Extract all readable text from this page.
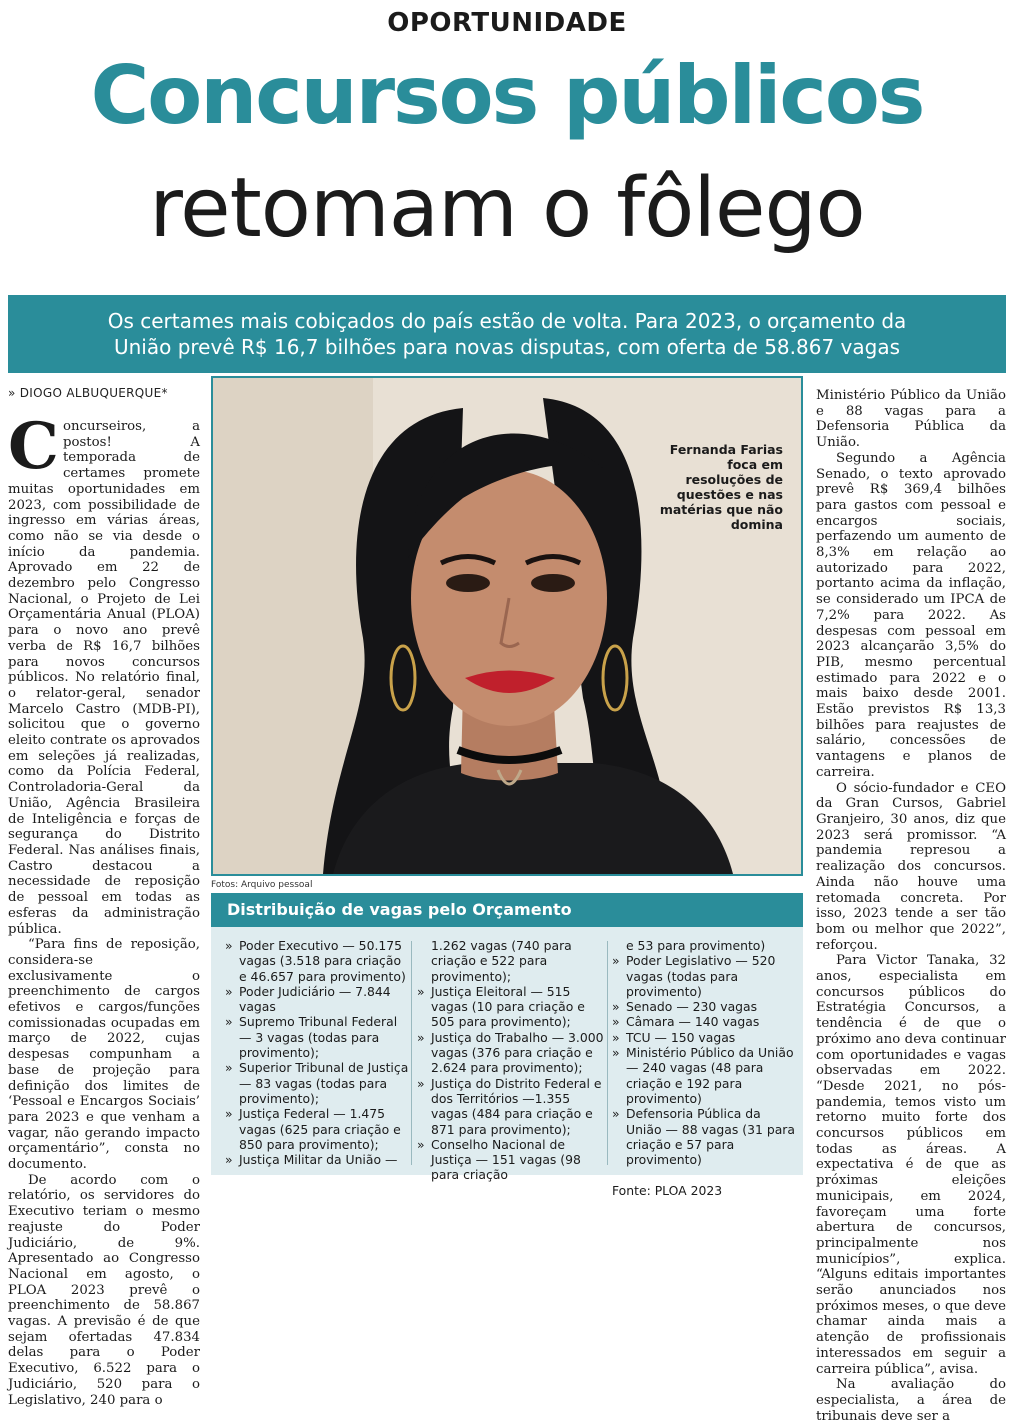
OPORTUNIDADE
Concursos públicos
retomam o fôlego
Os certames mais cobiçados do país estão de volta. Para 2023, o orçamento da
União prevê R$ 16,7 bilhões para novas disputas, com oferta de 58.867 vagas
» DIOGO ALBUQUERQUE*

Concurseiros, a postos! A temporada de certames promete muitas oportunidades em 2023, com possibilidade de ingresso em várias áreas, como não se via desde o início da pandemia. Aprovado em 22 de dezembro pelo Congresso Nacional, o Projeto de Lei Orçamentária Anual (PLOA) para o novo ano prevê verba de R$ 16,7 bilhões para novos concursos públicos. No relatório final, o relator-geral, senador Marcelo Castro (MDB-PI), solicitou que o governo eleito contrate os aprovados em seleções já realizadas, como da Polícia Federal, Controladoria-Geral da União, Agência Brasileira de Inteligência e forças de segurança do Distrito Federal. Nas análises finais, Castro destacou a necessidade de reposição de pessoal em todas as esferas da administração pública.

“Para fins de reposição, considera-se exclusivamente o preenchimento de cargos efetivos e cargos/funções comissionadas ocupadas em março de 2022, cujas despesas compunham a base de projeção para definição dos limites de ‘Pessoal e Encargos Sociais’ para 2023 e que venham a vagar, não gerando impacto orçamentário”, consta no documento.

De acordo com o relatório, os servidores do Executivo teriam o mesmo reajuste do Poder Judiciário, de 9%. Apresentado ao Congresso Nacional em agosto, o PLOA 2023 prevê o preenchimento de 58.867 vagas. A previsão é de que sejam ofertadas 47.834 delas para o Poder Executivo, 6.522 para o Judiciário, 520 para o Legislativo, 240 para o

Fernanda Farias foca em resoluções de questões e nas matérias que não domina
Fotos: Arquivo pessoal
Distribuição de vagas pelo Orçamento
» Poder Executivo — 50.175 vagas (3.518 para criação e 46.657 para provimento)
» Poder Judiciário — 7.844 vagas
» Supremo Tribunal Federal — 3 vagas (todas para provimento);
» Superior Tribunal de Justiça — 83 vagas (todas para provimento);
» Justiça Federal — 1.475 vagas (625 para criação e 850 para provimento);
» Justiça Militar da União —
1.262 vagas (740 para criação e 522 para provimento);
» Justiça Eleitoral — 515 vagas (10 para criação e 505 para provimento);
» Justiça do Trabalho — 3.000 vagas (376 para criação e 2.624 para provimento);
» Justiça do Distrito Federal e dos Territórios —1.355 vagas (484 para criação e 871 para provimento);
» Conselho Nacional de Justiça — 151 vagas (98 para criação
e 53 para provimento)
» Poder Legislativo — 520 vagas (todas para provimento)
» Senado — 230 vagas
» Câmara — 140 vagas
» TCU — 150 vagas
» Ministério Público da União — 240 vagas (48 para criação e 192 para provimento)
» Defensoria Pública da União — 88 vagas (31 para criação e 57 para provimento)
Fonte: PLOA 2023

Ministério Público da União e 88 vagas para a Defensoria Pública da União.

Segundo a Agência Senado, o texto aprovado prevê R$ 369,4 bilhões para gastos com pessoal e encargos sociais, perfazendo um aumento de 8,3% em relação ao autorizado para 2022, portanto acima da inflação, se considerado um IPCA de 7,2% para 2022. As despesas com pessoal em 2023 alcançarão 3,5% do PIB, mesmo percentual estimado para 2022 e o mais baixo desde 2001. Estão previstos R$ 13,3 bilhões para reajustes de salário, concessões de vantagens e planos de carreira.

O sócio-fundador e CEO da Gran Cursos, Gabriel Granjeiro, 30 anos, diz que 2023 será promissor. “A pandemia represou a realização dos concursos. Ainda não houve uma retomada concreta. Por isso, 2023 tende a ser tão bom ou melhor que 2022”, reforçou.

Para Victor Tanaka, 32 anos, especialista em concursos públicos do Estratégia Concursos, a tendência é de que o próximo ano deva continuar com oportunidades e vagas observadas em 2022. “Desde 2021, no pós-pandemia, temos visto um retorno muito forte dos concursos públicos em todas as áreas. A expectativa é de que as próximas eleições municipais, em 2024, favoreçam uma forte abertura de concursos, principalmente nos municípios”, explica. “Alguns editais importantes serão anunciados nos próximos meses, o que deve chamar ainda mais a atenção de profissionais interessados em seguir a carreira pública”, avisa.

Na avaliação do especialista, a área de tribunais deve ser a
